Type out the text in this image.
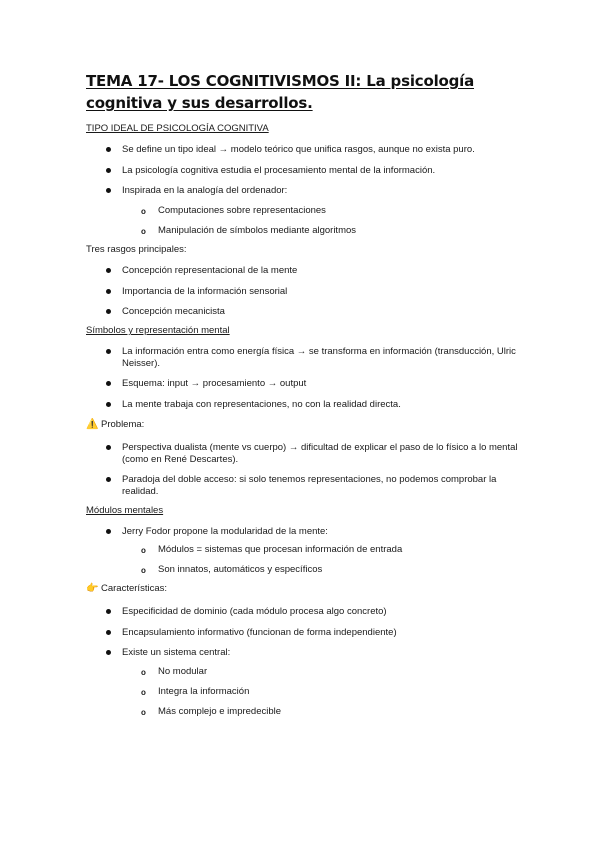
TEMA 17- LOS COGNITIVISMOS II: La psicología cognitiva y sus desarrollos.
TIPO IDEAL DE PSICOLOGÍA COGNITIVA
Se define un tipo ideal → modelo teórico que unifica rasgos, aunque no exista puro.
La psicología cognitiva estudia el procesamiento mental de la información.
Inspirada en la analogía del ordenador:
o Computaciones sobre representaciones
o Manipulación de símbolos mediante algoritmos
Tres rasgos principales:
Concepción representacional de la mente
Importancia de la información sensorial
Concepción mecanicista
Símbolos y representación mental
La información entra como energía física → se transforma en información (transducción, Ulric Neisser).
Esquema: input → procesamiento → output
La mente trabaja con representaciones, no con la realidad directa.
⚠️ Problema:
Perspectiva dualista (mente vs cuerpo) → dificultad de explicar el paso de lo físico a lo mental (como en René Descartes).
Paradoja del doble acceso: si solo tenemos representaciones, no podemos comprobar la realidad.
Módulos mentales
Jerry Fodor propone la modularidad de la mente:
o Módulos = sistemas que procesan información de entrada
o Son innatos, automáticos y específicos
👉 Características:
Especificidad de dominio (cada módulo procesa algo concreto)
Encapsulamiento informativo (funcionan de forma independiente)
Existe un sistema central:
o No modular
o Integra la información
o Más complejo e impredecible
